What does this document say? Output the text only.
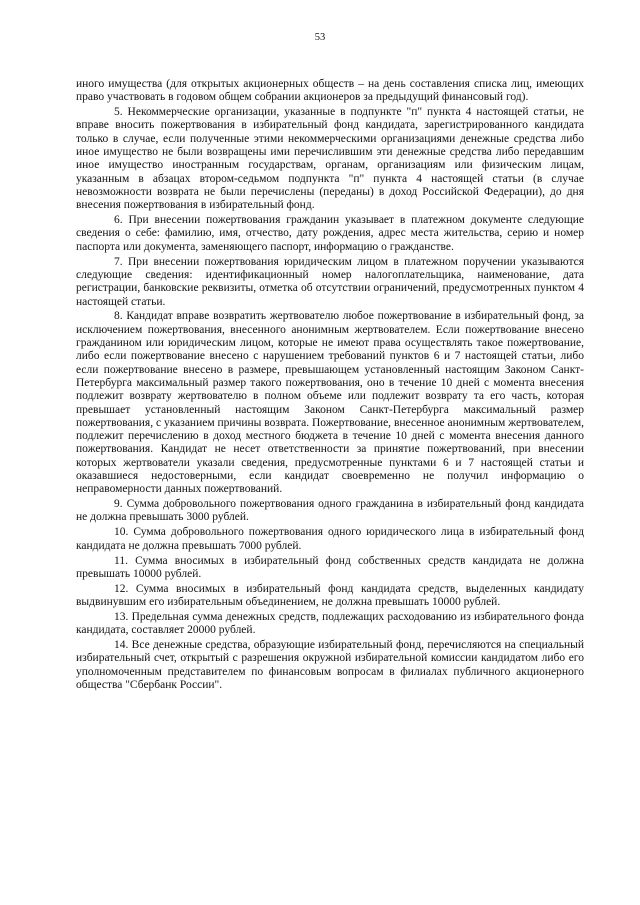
53

иного имущества (для открытых акционерных обществ – на день составления списка лиц, имеющих право участвовать в годовом общем собрании акционеров за предыдущий финансовый год).

5. Некоммерческие организации, указанные в подпункте "п" пункта 4 настоящей статьи, не вправе вносить пожертвования в избирательный фонд кандидата, зарегистрированного кандидата только в случае, если полученные этими некоммерческими организациями денежные средства либо иное имущество не были возвращены ими перечислившим эти денежные средства либо передавшим иное имущество иностранным государствам, органам, организациям или физическим лицам, указанным в абзацах втором-седьмом подпункта "п" пункта 4 настоящей статьи (в случае невозможности возврата не были перечислены (переданы) в доход Российской Федерации), до дня внесения пожертвования в избирательный фонд.

6. При внесении пожертвования гражданин указывает в платежном документе следующие сведения о себе: фамилию, имя, отчество, дату рождения, адрес места жительства, серию и номер паспорта или документа, заменяющего паспорт, информацию о гражданстве.

7. При внесении пожертвования юридическим лицом в платежном поручении указываются следующие сведения: идентификационный номер налогоплательщика, наименование, дата регистрации, банковские реквизиты, отметка об отсутствии ограничений, предусмотренных пунктом 4 настоящей статьи.

8. Кандидат вправе возвратить жертвователю любое пожертвование в избирательный фонд, за исключением пожертвования, внесенного анонимным жертвователем. Если пожертвование внесено гражданином или юридическим лицом, которые не имеют права осуществлять такое пожертвование, либо если пожертвование внесено с нарушением требований пунктов 6 и 7 настоящей статьи, либо если пожертвование внесено в размере, превышающем установленный настоящим Законом Санкт-Петербурга максимальный размер такого пожертвования, оно в течение 10 дней с момента внесения подлежит возврату жертвователю в полном объеме или подлежит возврату та его часть, которая превышает установленный настоящим Законом Санкт-Петербурга максимальный размер пожертвования, с указанием причины возврата. Пожертвование, внесенное анонимным жертвователем, подлежит перечислению в доход местного бюджета в течение 10 дней с момента внесения данного пожертвования. Кандидат не несет ответственности за принятие пожертвований, при внесении которых жертвователи указали сведения, предусмотренные пунктами 6 и 7 настоящей статьи и оказавшиеся недостоверными, если кандидат своевременно не получил информацию о неправомерности данных пожертвований.

9. Сумма добровольного пожертвования одного гражданина в избирательный фонд кандидата не должна превышать 3000 рублей.

10. Сумма добровольного пожертвования одного юридического лица в избирательный фонд кандидата не должна превышать 7000 рублей.

11. Сумма вносимых в избирательный фонд собственных средств кандидата не должна превышать 10000 рублей.

12. Сумма вносимых в избирательный фонд кандидата средств, выделенных кандидату выдвинувшим его избирательным объединением, не должна превышать 10000 рублей.

13. Предельная сумма денежных средств, подлежащих расходованию из избирательного фонда кандидата, составляет 20000 рублей.

14. Все денежные средства, образующие избирательный фонд, перечисляются на специальный избирательный счет, открытый с разрешения окружной избирательной комиссии кандидатом либо его уполномоченным представителем по финансовым вопросам в филиалах публичного акционерного общества "Сбербанк России".
